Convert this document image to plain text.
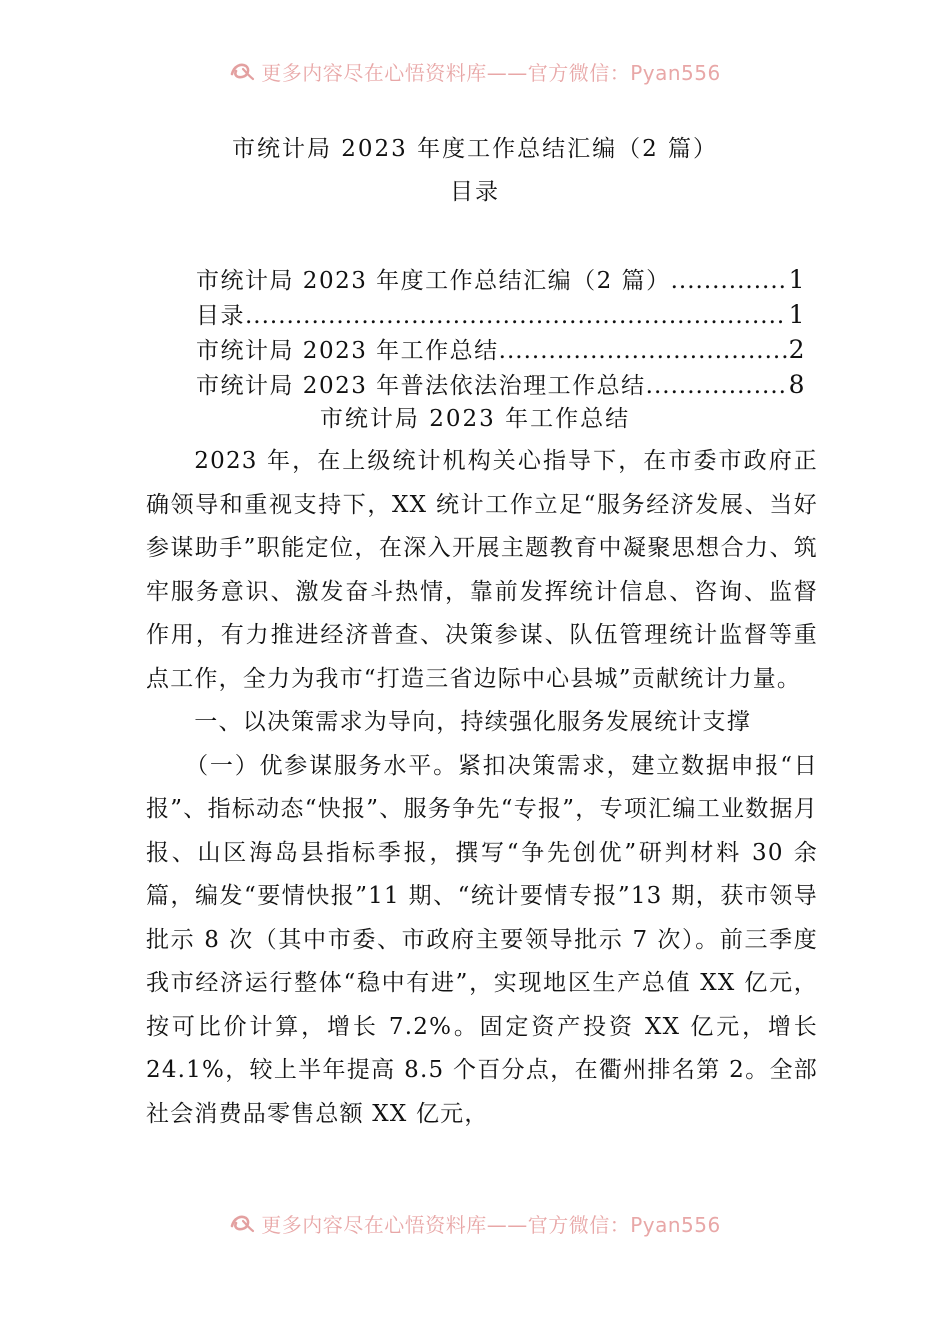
更多内容尽在心悟资料库——官方微信：Pyan556
市统计局 2023 年度工作总结汇编（2 篇）
目录
市统计局 2023 年度工作总结汇编（2 篇） .....	1
目录 .....	1
市统计局 2023 年工作总结 .....	2
市统计局 2023 年普法依法治理工作总结 .....	8
市统计局 2023 年工作总结

2023 年，在上级统计机构关心指导下，在市委市政府正确领导和重视支持下，XX 统计工作立足“服务经济发展、当好参谋助手”职能定位，在深入开展主题教育中凝聚思想合力、筑牢服务意识、激发奋斗热情，靠前发挥统计信息、咨询、监督作用，有力推进经济普查、决策参谋、队伍管理统计监督等重点工作，全力为我市“打造三省边际中心县城”贡献统计力量。

一、以决策需求为导向，持续强化服务发展统计支撑

（一）优参谋服务水平。紧扣决策需求，建立数据申报“日报”、指标动态“快报”、服务争先“专报”，专项汇编工业数据月报、山区海岛县指标季报，撰写“争先创优”研判材料 30 余篇，编发“要情快报”11 期、“统计要情专报”13 期，获市领导批示 8 次（其中市委、市政府主要领导批示 7 次）。前三季度我市经济运行整体“稳中有进”，实现地区生产总值 XX 亿元，按可比价计算，增长 7.2%。固定资产投资 XX 亿元，增长 24.1%，较上半年提高 8.5 个百分点，在衢州排名第 2。全部社会消费品零售总额 XX 亿元，

更多内容尽在心悟资料库——官方微信：Pyan556
